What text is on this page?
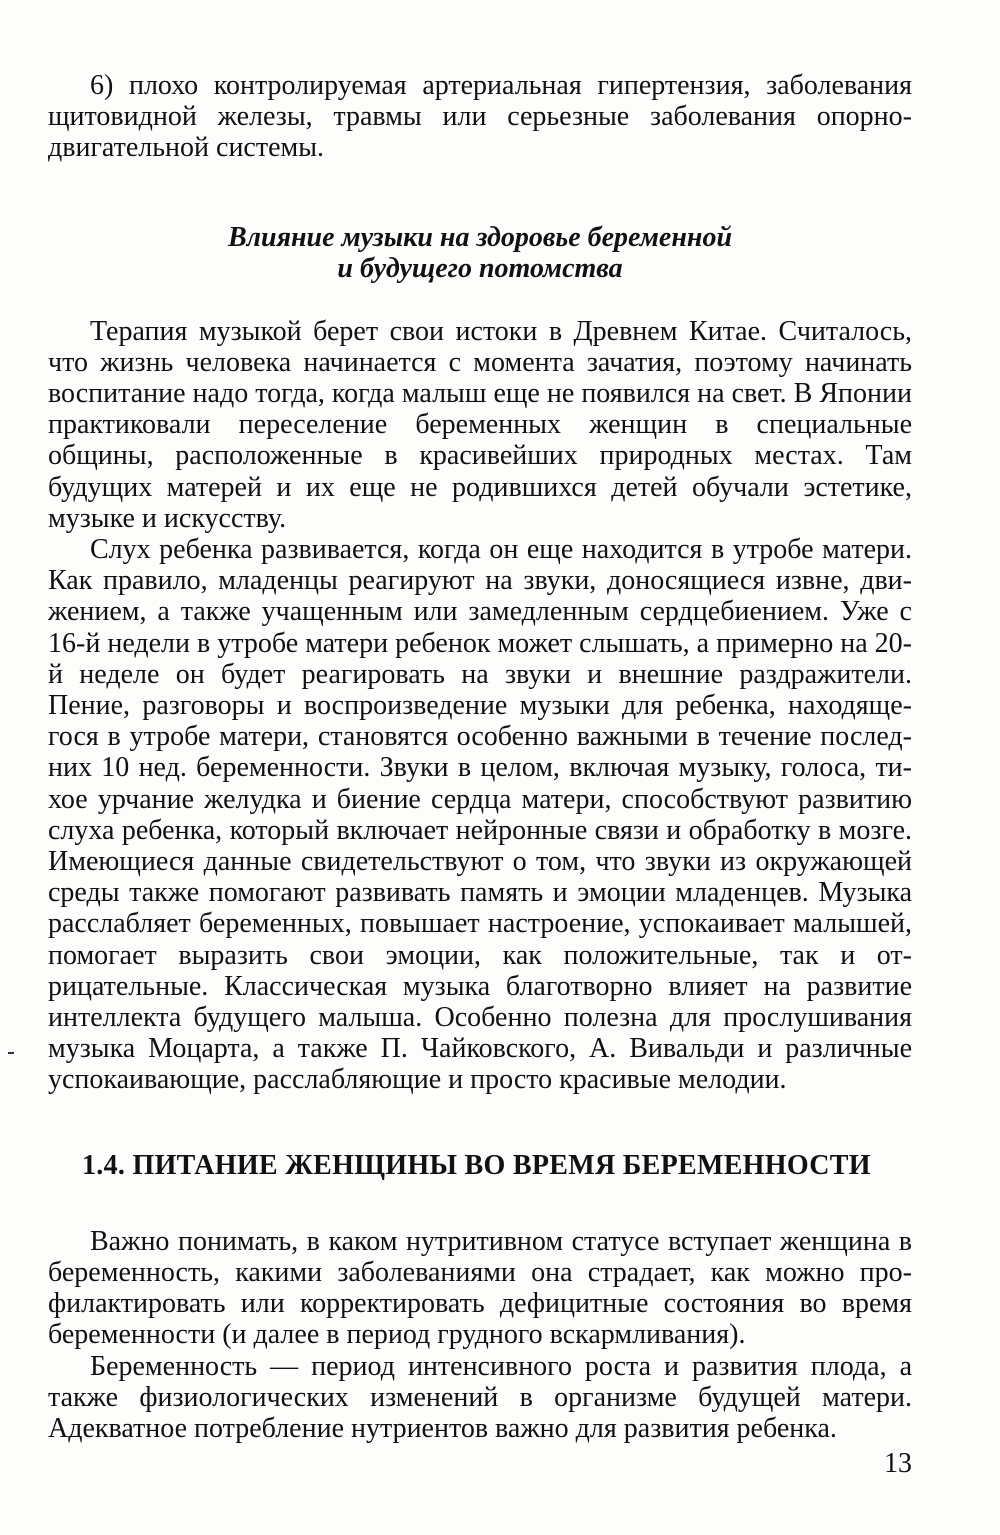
6) плохо контролируемая артериальная гипертензия, заболевания щитовидной железы, травмы или серьезные заболевания опорнодвигательной системы.

Влияние музыки на здоровье беременной
и будущего потомства

Терапия музыкой берет свои истоки в Древнем Китае. Считалось, что жизнь человека начинается с момента зачатия, поэтому начинать воспитание надо тогда, когда малыш еще не появился на свет. В Японии практиковали переселение беременных женщин в специальные общины, расположенные в красивейших природных местах. Там будущих матерей и их еще не родившихся детей обучали эстетике, музыке и искусству.

Слух ребенка развивается, когда он еще находится в утробе матери. Как правило, младенцы реагируют на звуки, доносящиеся извне, движением, а также учащенным или замедленным сердцебиением. Уже с 16-й недели в утробе матери ребенок может слышать, а примерно на 20-й неделе он будет реагировать на звуки и внешние раздражители. Пение, разговоры и воспроизведение музыки для ребенка, находящегося в утробе матери, становятся особенно важными в течение последних 10 нед. беременности. Звуки в целом, включая музыку, голоса, тихое урчание желудка и биение сердца матери, способствуют развитию слуха ребенка, который включает нейронные связи и обработку в мозге. Имеющиеся данные свидетельствуют о том, что звуки из окружающей среды также помогают развивать память и эмоции младенцев. Музыка расслабляет беременных, повышает настроение, успокаивает малышей, помогает выразить свои эмоции, как положительные, так и отрицательные. Классическая музыка благотворно влияет на развитие интеллекта будущего малыша. Особенно полезна для прослушивания музыка Моцарта, а также П. Чайковского, А. Вивальди и различные успокаивающие, расслабляющие и просто красивые мелодии.

1.4. ПИТАНИЕ ЖЕНЩИНЫ ВО ВРЕМЯ БЕРЕМЕННОСТИ

Важно понимать, в каком нутритивном статусе вступает женщина в беременность, какими заболеваниями она страдает, как можно профилактировать или корректировать дефицитные состояния во время беременности (и далее в период грудного вскармливания).

Беременность — период интенсивного роста и развития плода, а также физиологических изменений в организме будущей матери. Адекватное потребление нутриентов важно для развития ребенка.

13
